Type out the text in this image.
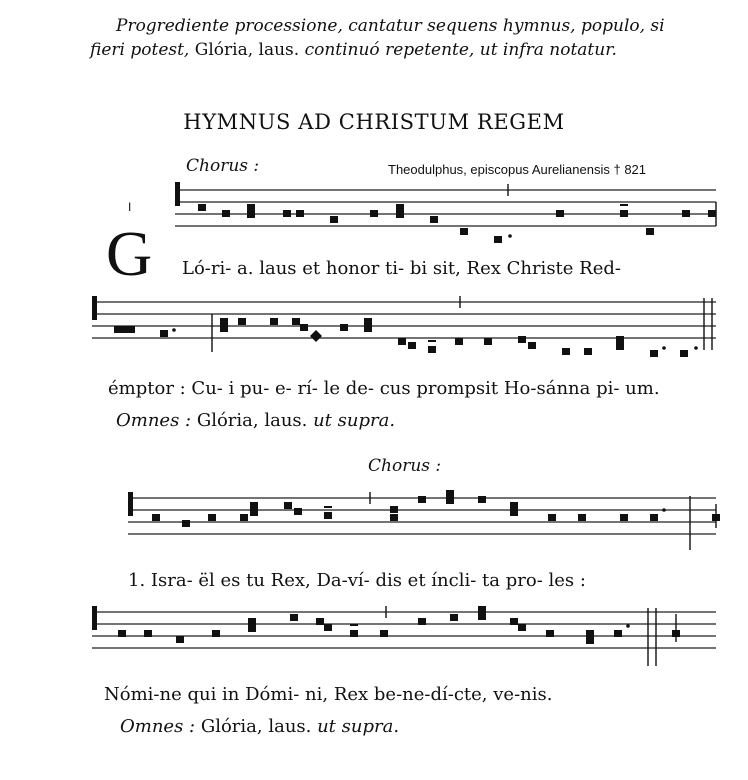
Progrediente processione, cantatur sequens hymnus, populo, si
fieri potest, Glória, laus. continuó repetente, ut infra notatur.
HYMNUS AD CHRISTUM REGEM
Chorus :	Theodulphus, episcopus Aurelianensis † 821
I
G Ló-ri- a. laus et honor ti- bi sit, Rex Christe Red-
émptor : Cu- i pu- e- rí- le de- cus prompsit Ho-sánna pi- um.
Omnes : Glória, laus. ut supra.
Chorus :
1. Isra- ël es tu Rex, Da-ví- dis et íncli- ta pro- les :
Nómi-ne qui in Dómi- ni, Rex be-ne-dí-cte, ve-nis.
Omnes : Glória, laus. ut supra.
